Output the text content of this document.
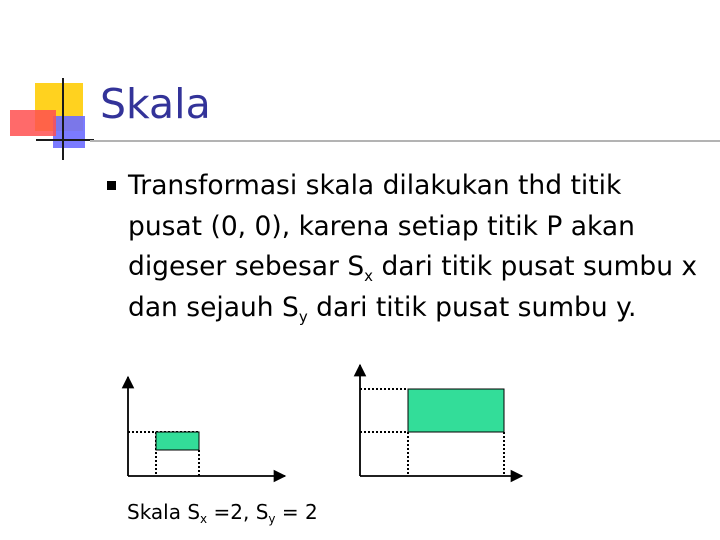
Skala
Transformasi skala dilakukan thd titik pusat (0, 0), karena setiap titik P akan digeser sebesar $S_x$ dari titik pusat sumbu x dan sejauh $S_y$ dari titik pusat sumbu y.
Skala $S_x =2$, $S_y = 2$
